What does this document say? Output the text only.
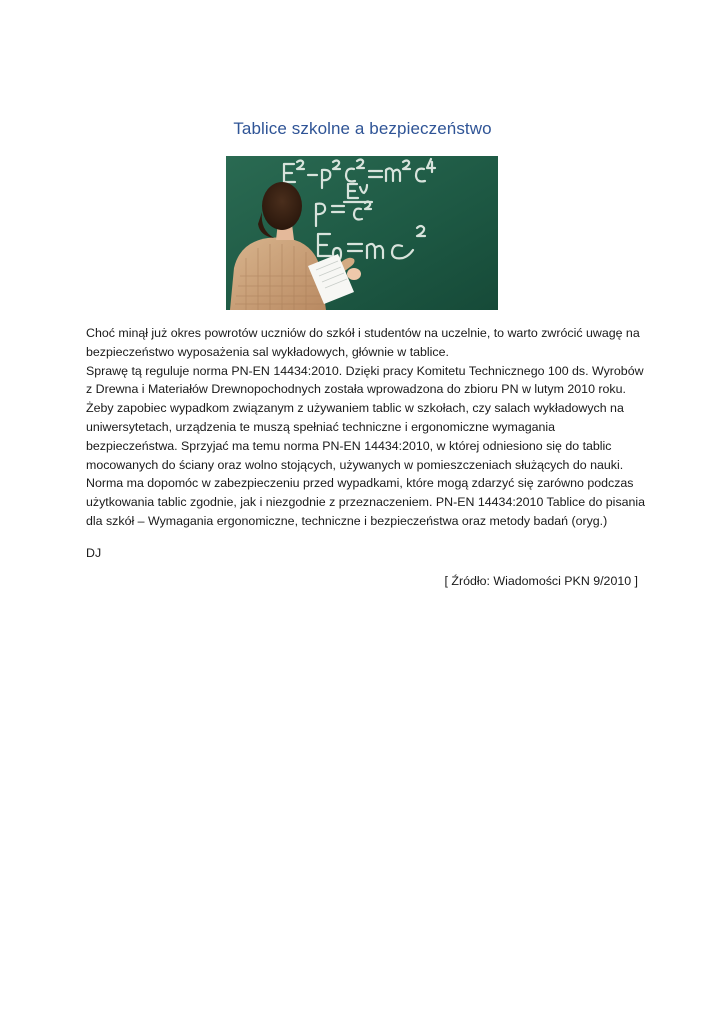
Tablice szkolne a bezpieczeństwo

Choć minął już okres powrotów uczniów do szkół i studentów na uczelnie, to warto zwrócić uwagę na bezpieczeństwo wyposażenia sal wykładowych, głównie w tablice.

Sprawę tą reguluje norma PN-EN 14434:2010. Dzięki pracy Komitetu Technicznego 100 ds. Wyrobów z Drewna i Materiałów Drewnopochodnych została wprowadzona do zbioru PN w lutym 2010 roku. Żeby zapobiec wypadkom związanym z używaniem tablic w szkołach, czy salach wykładowych na uniwersytetach, urządzenia te muszą spełniać techniczne i ergonomiczne wymagania bezpieczeństwa. Sprzyjać ma temu norma PN-EN 14434:2010, w której odniesiono się do tablic mocowanych do ściany oraz wolno stojących, używanych w pomieszczeniach służących do nauki. Norma ma dopomóc w zabezpieczeniu przed wypadkami, które mogą zdarzyć się zarówno podczas użytkowania tablic zgodnie, jak i niezgodnie z przeznaczeniem. PN-EN 14434:2010 Tablice do pisania dla szkół – Wymagania ergonomiczne, techniczne i bezpieczeństwa oraz metody badań (oryg.)

DJ
[ Źródło: Wiadomości PKN 9/2010 ]
